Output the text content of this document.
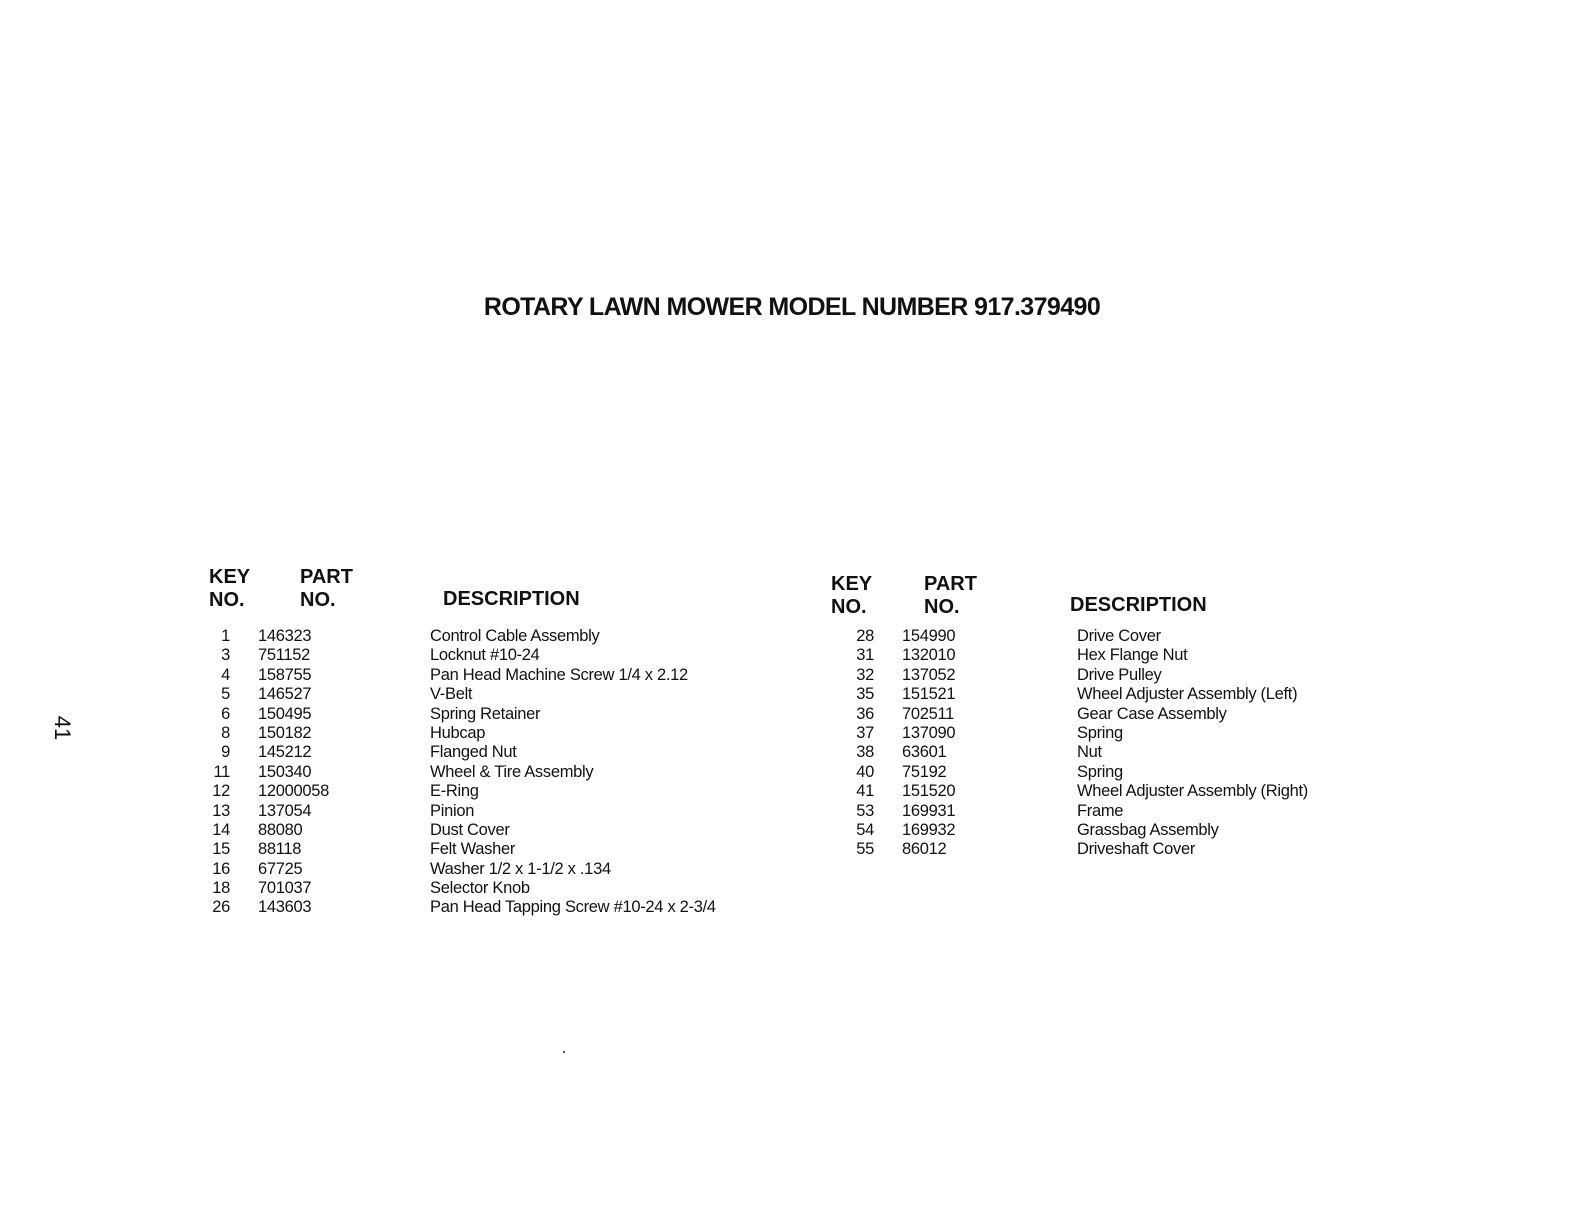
ROTARY LAWN MOWER MODEL NUMBER 917.379490
41
KEY
NO.
PART
NO.	DESCRIPTION
KEY
NO.
PART
NO.	DESCRIPTION
1 146323	Control Cable Assembly
3 751152	Locknut #10-24
4 158755	Pan Head Machine Screw 1/4 x 2.12
5 146527	V-Belt
6 150495	Spring Retainer
8 150182	Hubcap
9 145212	Flanged Nut
11 150340	Wheel & Tire Assembly
12 12000058	E-Ring
13 137054	Pinion
14 88080	Dust Cover
15 88118	Felt Washer
16 67725	Washer 1/2 x 1-1/2 x .134
18 701037	Selector Knob
26 143603	Pan Head Tapping Screw #10-24 x 2-3/4
28 154990	Drive Cover
31 132010	Hex Flange Nut
32 137052	Drive Pulley
35 151521	Wheel Adjuster Assembly (Left)
36 702511	Gear Case Assembly
37 137090	Spring
38 63601	Nut
40 75192	Spring
41 151520	Wheel Adjuster Assembly (Right)
53 169931	Frame
54 169932	Grassbag Assembly
55 86012	Driveshaft Cover
